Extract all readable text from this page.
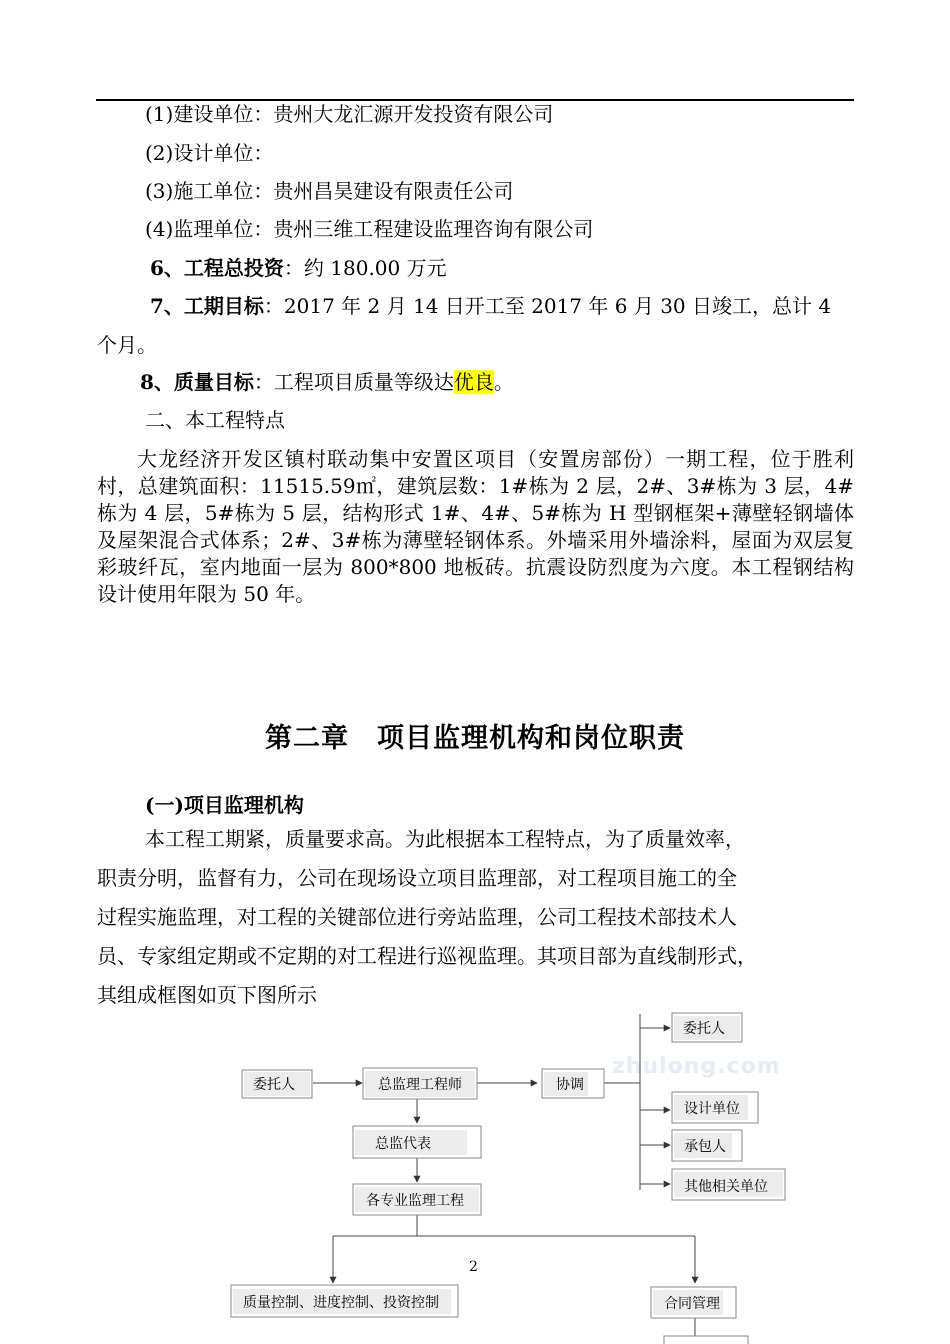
(1)建设单位：贵州大龙汇源开发投资有限公司
(2)设计单位：
(3)施工单位：贵州昌昊建设有限责任公司
(4)监理单位：贵州三维工程建设监理咨询有限公司
6、工程总投资：约 180.00 万元
7、工期目标：2017 年 2 月 14 日开工至 2017 年 6 月 30 日竣工，总计 4
个月。
8、质量目标：工程项目质量等级达优良。
二、本工程特点
大龙经济开发区镇村联动集中安置区项目（安置房部份）一期工程，位于胜利村，总建筑面积：11515.59㎡，建筑层数：1#栋为 2 层，2#、3#栋为 3 层，4#栋为 4 层，5#栋为 5 层，结构形式 1#、4#、5#栋为 H 型钢框架+薄壁轻钢墙体及屋架混合式体系；2#、3#栋为薄壁轻钢体系。外墙采用外墙涂料，屋面为双层复彩玻纤瓦，室内地面一层为 800*800 地板砖。抗震设防烈度为六度。本工程钢结构设计使用年限为 50 年。
第二章 项目监理机构和岗位职责
(一)项目监理机构
本工程工期紧，质量要求高。为此根据本工程特点，为了质量效率，
职责分明，监督有力，公司在现场设立项目监理部，对工程项目施工的全
过程实施监理，对工程的关键部位进行旁站监理，公司工程技术部技术人
员、专家组定期或不定期的对工程进行巡视监理。其项目部为直线制形式，
其组成框图如页下图所示
zhulong.com
委托人	总监理工程师	协调
总监代表
各专业监理工程
质量控制、进度控制、投资控制	合同管理
委托人
设计单位
承包人
其他相关单位
2
